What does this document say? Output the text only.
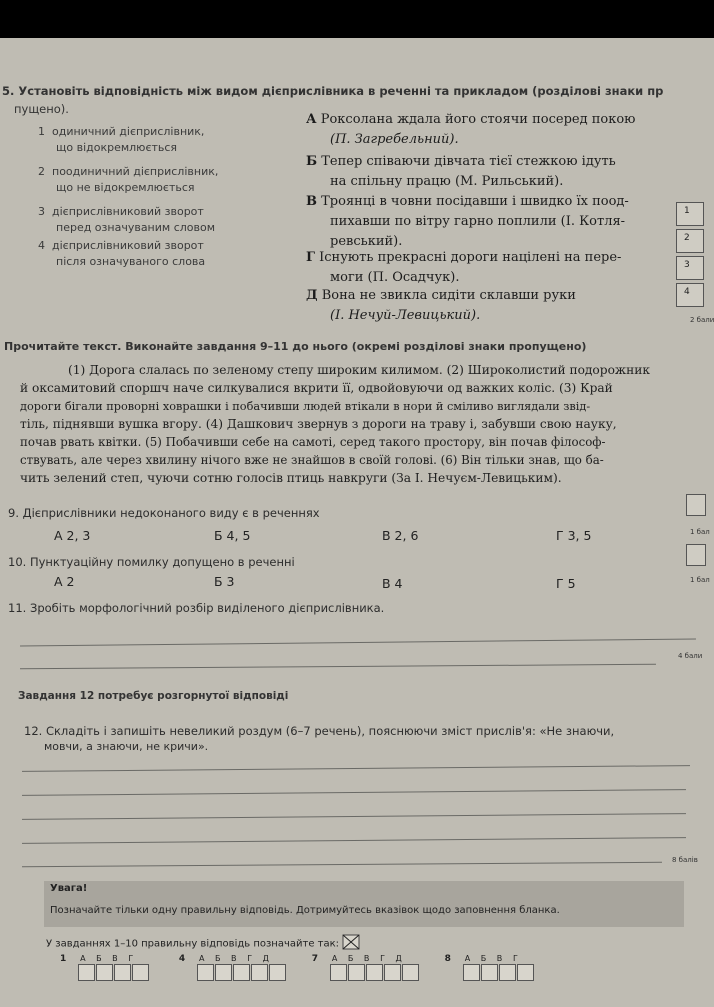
5. Установіть відповідність між видом дієприслівника в реченні та прикладом (розділові знаки пр
пущено).
1 одиничний дієприслівник,
що відокремлюється
2 поодиничний дієприслівник,
що не відокремлюється
3 дієприслівниковий зворот
перед означуваним словом
4 дієприслівниковий зворот
після означуваного слова
А Роксолана ждала його стоячи посеред покою
(П. Загребельний).
Б Тепер співаючи дівчата тієї стежкою ідуть
на спільну працю (М. Рильський).
В Троянці в човни посідавши і швидко їх поод-
пихавши по вітру гарно поплили (І. Котля-
ревський).
Г Існують прекрасні дороги націлені на пере-
моги (П. Осадчук).
Д Вона не звикла сидіти склавши руки
(І. Нечуй-Левицький).
1
2
3
4
2 бали
Прочитайте текст. Виконайте завдання 9–11 до нього (окремі розділові знаки пропущено)
(1) Дорога слалась по зеленому степу широким килимом. (2) Широколистий подорожник
й оксамитовий споршч наче силкувалися вкрити її, одвойовуючи од важких коліс. (3) Край
дороги бігали проворні ховрашки і побачивши людей втікали в нори й сміливо виглядали звід-
тіль, піднявши вушка вгору. (4) Дашкович звернув з дороги на траву і, забувши свою науку,
почав рвать квітки. (5) Побачивши себе на самоті, серед такого простору, він почав філософ-
ствувать, але через хвилину нічого вже не знайшов в своїй голові. (6) Він тільки знав, що ба-
чить зелений степ, чуючи сотню голосів птиць навкруги (За І. Нечуєм-Левицьким).
9. Дієприслівники недоконаного виду є в реченнях
А 2, 3	Б 4, 5	В 2, 6	Г 3, 5	1 бал
10. Пунктуаційну помилку допущено в реченні
А 2	Б 3	В 4	Г 5	1 бал
11. Зробіть морфологічний розбір виділеного дієприслівника.
4 бали
Завдання 12 потребує розгорнутої відповіді
12. Складіть і запишіть невеликий роздум (6–7 речень), пояснюючи зміст прислів'я: «Не знаючи,
мовчи, а знаючи, не кричи».
8 балів
Увага!
Позначайте тільки одну правильну відповідь. Дотримуйтесь вказівок щодо заповнення бланка.
У завданнях 1–10 правильну відповідь позначайте так:
1 А Б В Г	4 А Б В Г Д	7 А Б В Г Д	8 А Б В Г
